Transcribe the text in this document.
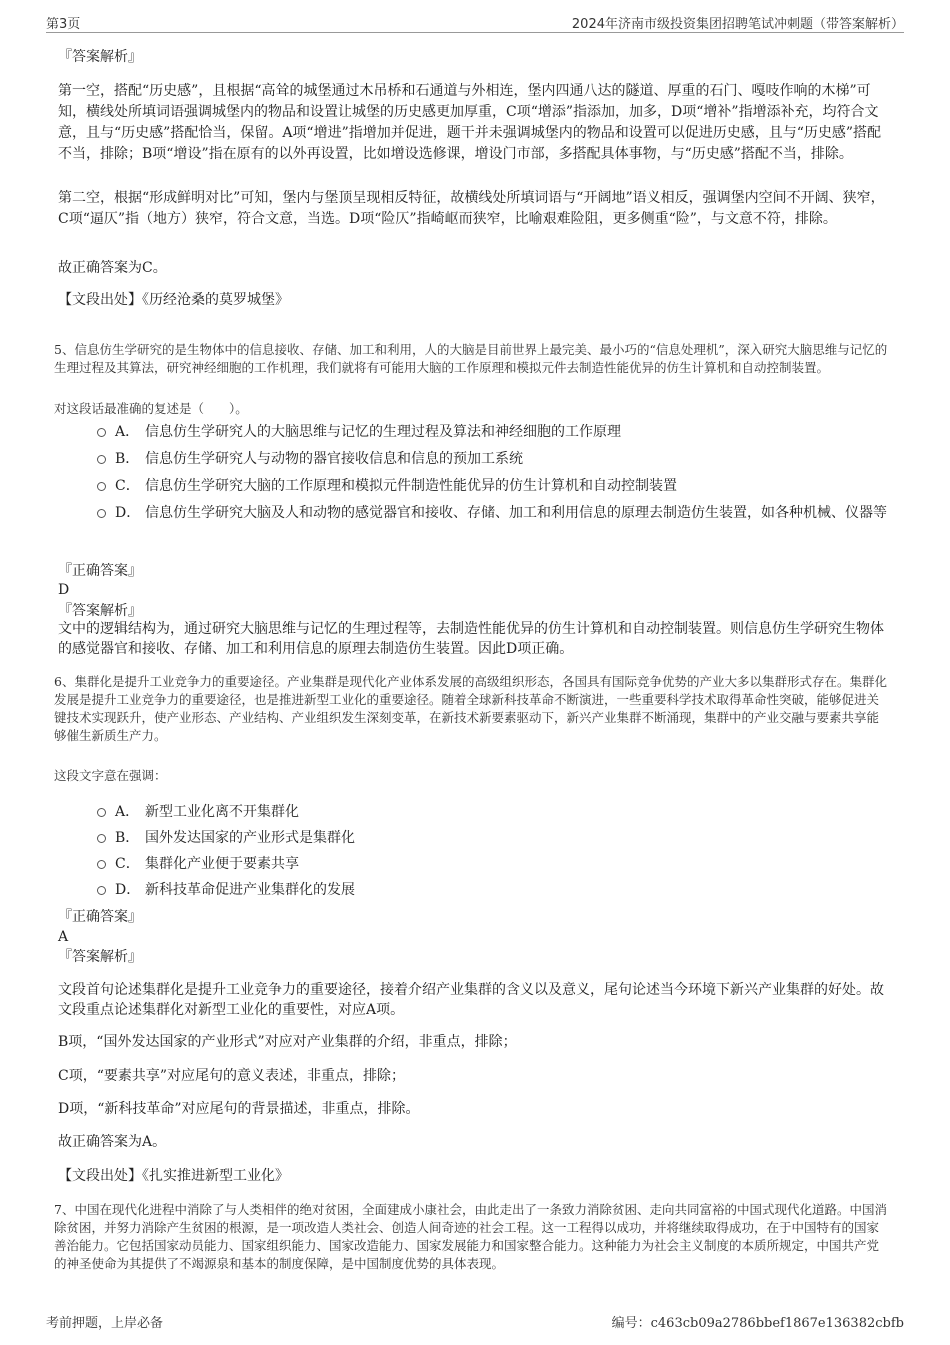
第3页	2024年济南市级投资集团招聘笔试冲刺题（带答案解析）
『答案解析』

第一空，搭配“历史感”，且根据“高耸的城堡通过木吊桥和石通道与外相连，堡内四通八达的隧道、厚重的石门、嘎吱作响的木梯”可知，横线处所填词语强调城堡内的物品和设置让城堡的历史感更加厚重，C项“增添”指添加，加多，D项“增补”指增添补充，均符合文意，且与“历史感”搭配恰当，保留。A项“增进”指增加并促进，题干并未强调城堡内的物品和设置可以促进历史感，且与“历史感”搭配不当，排除；B项“增设”指在原有的以外再设置，比如增设选修课，增设门市部，多搭配具体事物，与“历史感”搭配不当，排除。

第二空，根据“形成鲜明对比”可知，堡内与堡顶呈现相反特征，故横线处所填词语与“开阔地”语义相反，强调堡内空间不开阔、狭窄，C项“逼仄”指（地方）狭窄，符合文意，当选。D项“险仄”指崎岖而狭窄，比喻艰难险阻，更多侧重“险”，与文意不符，排除。

故正确答案为C。
【文段出处】《历经沧桑的莫罗城堡》

5、信息仿生学研究的是生物体中的信息接收、存储、加工和利用，人的大脑是目前世界上最完美、最小巧的“信息处理机”，深入研究大脑思维与记忆的生理过程及其算法，研究神经细胞的工作机理，我们就将有可能用大脑的工作原理和模拟元件去制造性能优异的仿生计算机和自动控制装置。

对这段话最准确的复述是（　　）。
A． 信息仿生学研究人的大脑思维与记忆的生理过程及算法和神经细胞的工作原理
B． 信息仿生学研究人与动物的器官接收信息和信息的预加工系统
C． 信息仿生学研究大脑的工作原理和模拟元件制造性能优异的仿生计算机和自动控制装置
D． 信息仿生学研究大脑及人和动物的感觉器官和接收、存储、加工和利用信息的原理去制造仿生装置，如各种机械、仪器等
『正确答案』
D
『答案解析』

文中的逻辑结构为，通过研究大脑思维与记忆的生理过程等，去制造性能优异的仿生计算机和自动控制装置。则信息仿生学研究生物体的感觉器官和接收、存储、加工和利用信息的原理去制造仿生装置。因此D项正确。

6、集群化是提升工业竞争力的重要途径。产业集群是现代化产业体系发展的高级组织形态，各国具有国际竞争优势的产业大多以集群形式存在。集群化发展是提升工业竞争力的重要途径，也是推进新型工业化的重要途径。随着全球新科技革命不断演进，一些重要科学技术取得革命性突破，能够促进关键技术实现跃升，使产业形态、产业结构、产业组织发生深刻变革，在新技术新要素驱动下，新兴产业集群不断涌现，集群中的产业交融与要素共享能够催生新质生产力。

这段文字意在强调：
A． 新型工业化离不开集群化
B． 国外发达国家的产业形式是集群化
C． 集群化产业便于要素共享
D． 新科技革命促进产业集群化的发展
『正确答案』
A
『答案解析』

文段首句论述集群化是提升工业竞争力的重要途径，接着介绍产业集群的含义以及意义，尾句论述当今环境下新兴产业集群的好处。故文段重点论述集群化对新型工业化的重要性，对应A项。

B项，“国外发达国家的产业形式”对应对产业集群的介绍，非重点，排除；
C项，“要素共享”对应尾句的意义表述，非重点，排除；
D项，“新科技革命”对应尾句的背景描述，非重点，排除。
故正确答案为A。
【文段出处】《扎实推进新型工业化》

7、中国在现代化进程中消除了与人类相伴的绝对贫困，全面建成小康社会，由此走出了一条致力消除贫困、走向共同富裕的中国式现代化道路。中国消除贫困，并努力消除产生贫困的根源，是一项改造人类社会、创造人间奇迹的社会工程。这一工程得以成功，并将继续取得成功，在于中国特有的国家善治能力。它包括国家动员能力、国家组织能力、国家改造能力、国家发展能力和国家整合能力。这种能力为社会主义制度的本质所规定，中国共产党的神圣使命为其提供了不竭源泉和基本的制度保障，是中国制度优势的具体表现。

考前押题，上岸必备	编号：c463cb09a2786bbef1867e136382cbfb
